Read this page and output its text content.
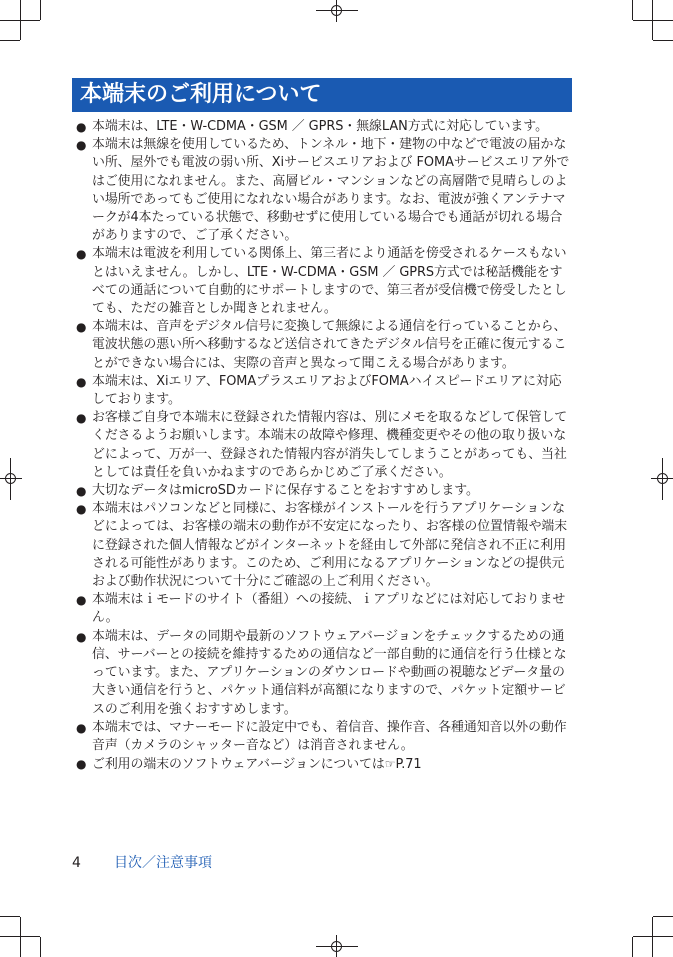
本端末のご利用について
● 本端末は、LTE・W-CDMA・GSM ／ GPRS・無線LAN方式に対応しています。
● 本端末は無線を使用しているため、トンネル・地下・建物の中などで電波の届かない所、屋外でも電波の弱い所、Xiサービスエリアおよび FOMAサービスエリア外ではご使用になれません。また、高層ビル・マンションなどの高層階で見晴らしのよい場所であってもご使用になれない場合があります。なお、電波が強くアンテナマークが4本たっている状態で、移動せずに使用している場合でも通話が切れる場合がありますので、ご了承ください。
● 本端末は電波を利用している関係上、第三者により通話を傍受されるケースもないとはいえません。しかし、LTE・W-CDMA・GSM ／ GPRS方式では秘話機能をすべての通話について自動的にサポートしますので、第三者が受信機で傍受したとしても、ただの雑音としか聞きとれません。
● 本端末は、音声をデジタル信号に変換して無線による通信を行っていることから、電波状態の悪い所へ移動するなど送信されてきたデジタル信号を正確に復元することができない場合には、実際の音声と異なって聞こえる場合があります。
● 本端末は、Xiエリア、FOMAプラスエリアおよびFOMAハイスピードエリアに対応しております。
● お客様ご自身で本端末に登録された情報内容は、別にメモを取るなどして保管してくださるようお願いします。本端末の故障や修理、機種変更やその他の取り扱いなどによって、万が一、登録された情報内容が消失してしまうことがあっても、当社としては責任を負いかねますのであらかじめご了承ください。
● 大切なデータはmicroSDカードに保存することをおすすめします。
● 本端末はパソコンなどと同様に、お客様がインストールを行うアプリケーションなどによっては、お客様の端末の動作が不安定になったり、お客様の位置情報や端末に登録された個人情報などがインターネットを経由して外部に発信され不正に利用される可能性があります。このため、ご利用になるアプリケーションなどの提供元および動作状況について十分にご確認の上ご利用ください。
● 本端末はｉモードのサイト（番組）への接続、ｉアプリなどには対応しておりません。
● 本端末は、データの同期や最新のソフトウェアバージョンをチェックするための通信、サーバーとの接続を維持するための通信など一部自動的に通信を行う仕様となっています。また、アプリケーションのダウンロードや動画の視聴などデータ量の大きい通信を行うと、パケット通信料が高額になりますので、パケット定額サービスのご利用を強くおすすめします。
● 本端末では、マナーモードに設定中でも、着信音、操作音、各種通知音以外の動作音声（カメラのシャッター音など）は消音されません。
● ご利用の端末のソフトウェアバージョンについては☞P.71
4 目次／注意事項
